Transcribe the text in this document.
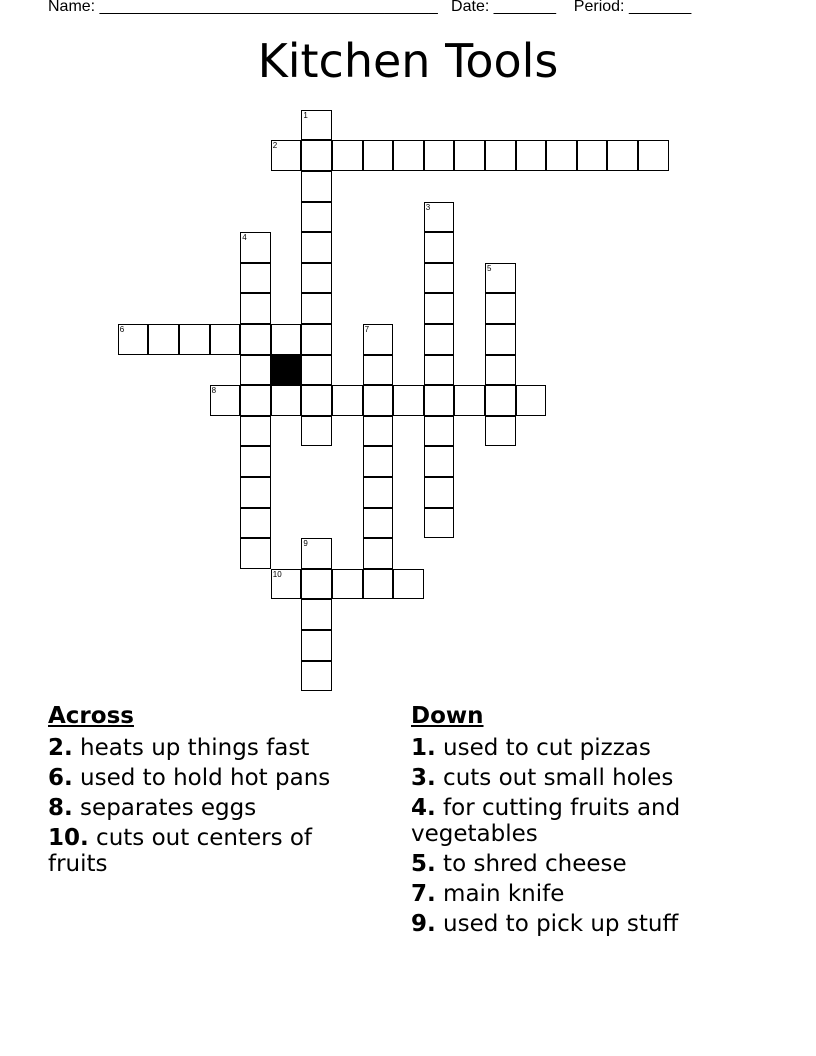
Name: ______________________________________   Date: _______    Period: _______
Kitchen Tools
1
2
3
4
5
6	7
8
9
10
Across
2. heats up things fast
6. used to hold hot pans
8. separates eggs
10. cuts out centers of fruits
Down
1. used to cut pizzas
3. cuts out small holes
4. for cutting fruits and vegetables
5. to shred cheese
7. main knife
9. used to pick up stuff
